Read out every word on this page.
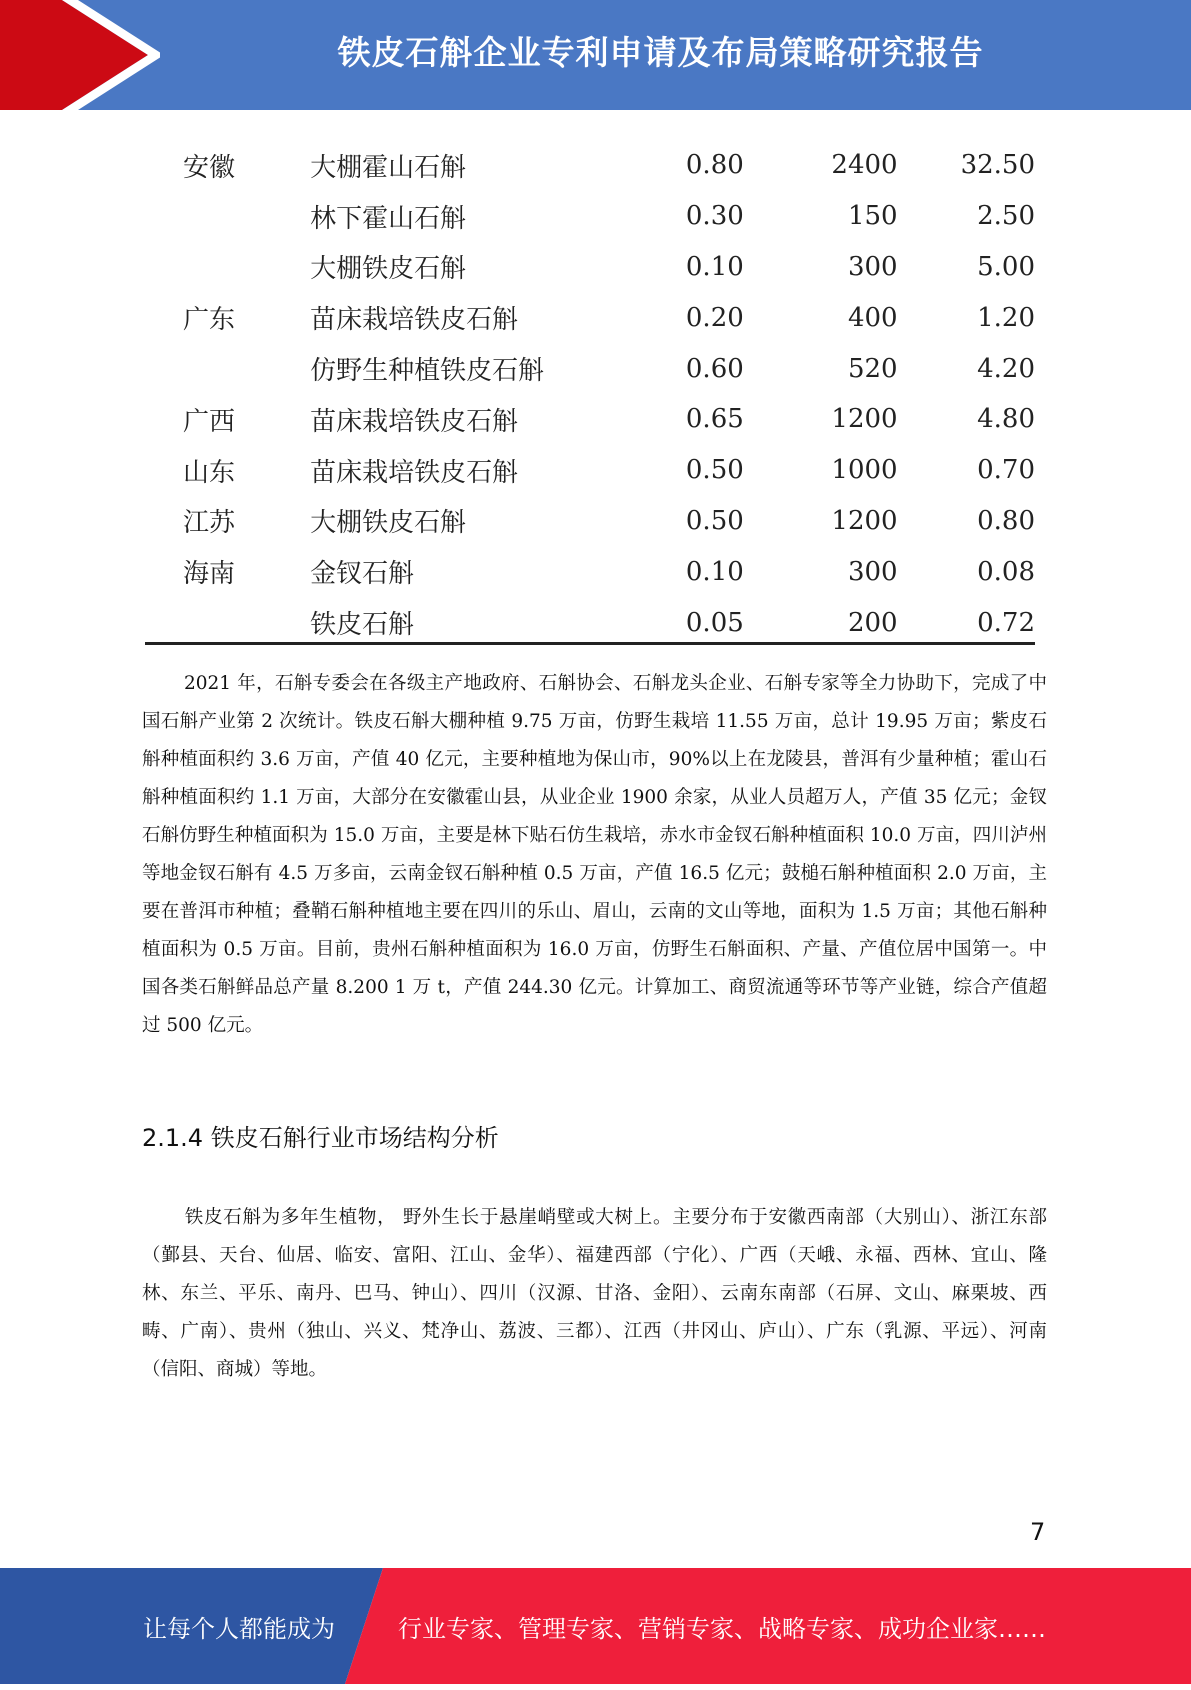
铁皮石斛企业专利申请及布局策略研究报告
安徽	大棚霍山石斛	0.80	2400	32.50
	林下霍山石斛	0.30	150	2.50
	大棚铁皮石斛	0.10	300	5.00
广东	苗床栽培铁皮石斛	0.20	400	1.20
	仿野生种植铁皮石斛	0.60	520	4.20
广西	苗床栽培铁皮石斛	0.65	1200	4.80
山东	苗床栽培铁皮石斛	0.50	1000	0.70
江苏	大棚铁皮石斛	0.50	1200	0.80
海南	金钗石斛	0.10	300	0.08
	铁皮石斛	0.05	200	0.72

2021 年，石斛专委会在各级主产地政府、石斛协会、石斛龙头企业、石斛专家等全力协助下，完成了中国石斛产业第 2 次统计。铁皮石斛大棚种植 9.75 万亩，仿野生栽培 11.55 万亩，总计 19.95 万亩；紫皮石斛种植面积约 3.6 万亩，产值 40 亿元，主要种植地为保山市，90%以上在龙陵县，普洱有少量种植；霍山石斛种植面积约 1.1 万亩，大部分在安徽霍山县，从业企业 1900 余家，从业人员超万人，产值 35 亿元；金钗石斛仿野生种植面积为 15.0 万亩，主要是林下贴石仿生栽培，赤水市金钗石斛种植面积 10.0 万亩，四川泸州等地金钗石斛有 4.5 万多亩，云南金钗石斛种植 0.5 万亩，产值 16.5 亿元；鼓槌石斛种植面积 2.0 万亩，主要在普洱市种植；叠鞘石斛种植地主要在四川的乐山、眉山，云南的文山等地，面积为 1.5 万亩；其他石斛种植面积为 0.5 万亩。目前，贵州石斛种植面积为 16.0 万亩，仿野生石斛面积、产量、产值位居中国第一。中国各类石斛鲜品总产量 8.200 1 万 t，产值 244.30 亿元。计算加工、商贸流通等环节等产业链，综合产值超过 500 亿元。

2.1.4 铁皮石斛行业市场结构分析

铁皮石斛为多年生植物， 野外生长于悬崖峭壁或大树上。主要分布于安徽西南部（大别山）、浙江东部（鄞县、天台、仙居、临安、富阳、江山、金华）、福建西部（宁化）、广西（天峨、永福、西林、宜山、隆林、东兰、平乐、南丹、巴马、钟山）、四川（汉源、甘洛、金阳）、云南东南部（石屏、文山、麻栗坡、西畴、广南）、贵州（独山、兴义、梵净山、荔波、三都）、江西（井冈山、庐山）、广东（乳源、平远）、河南（信阳、商城）等地。

7
让每个人都能成为	行业专家、管理专家、营销专家、战略专家、成功企业家……
